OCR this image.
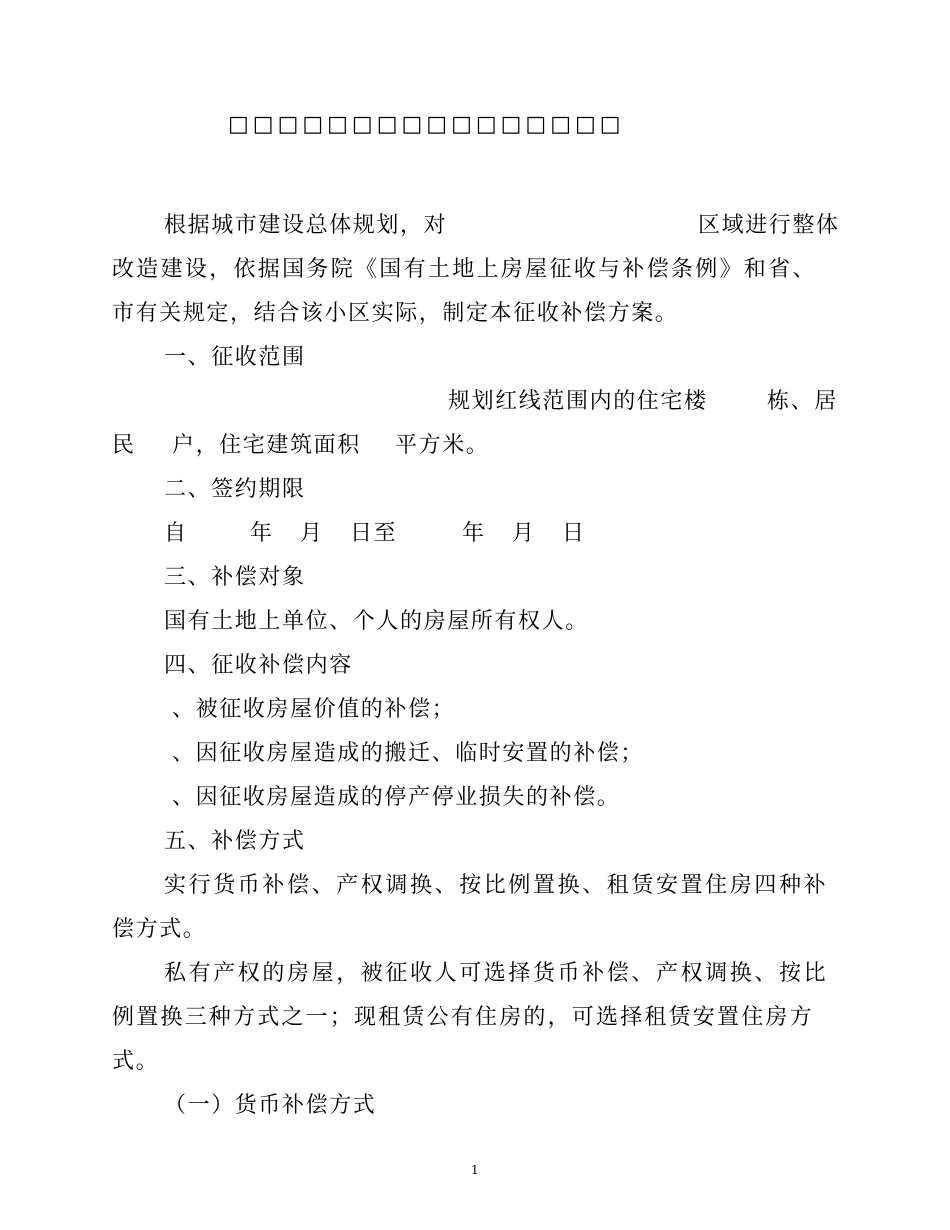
□□□□□□□□□□□□□□□□
根据城市建设总体规划，对	区域进行整体
改造建设，依据国务院《国有土地上房屋征收与补偿条例》和省、
市有关规定，结合该小区实际，制定本征收补偿方案。
一、征收范围
规划红线范围内的住宅楼	栋、居
民 户，住宅建筑面积 平方米。
二、签约期限
自	年 月 日至	年 月 日
三、补偿对象
国有土地上单位、个人的房屋所有权人。
四、征收补偿内容
、被征收房屋价值的补偿；
、因征收房屋造成的搬迁、临时安置的补偿；
、因征收房屋造成的停产停业损失的补偿。
五、补偿方式
实行货币补偿、产权调换、按比例置换、租赁安置住房四种补
偿方式。
私有产权的房屋，被征收人可选择货币补偿、产权调换、按比
例置换三种方式之一；现租赁公有住房的，可选择租赁安置住房方
式。
（一）货币补偿方式
1
